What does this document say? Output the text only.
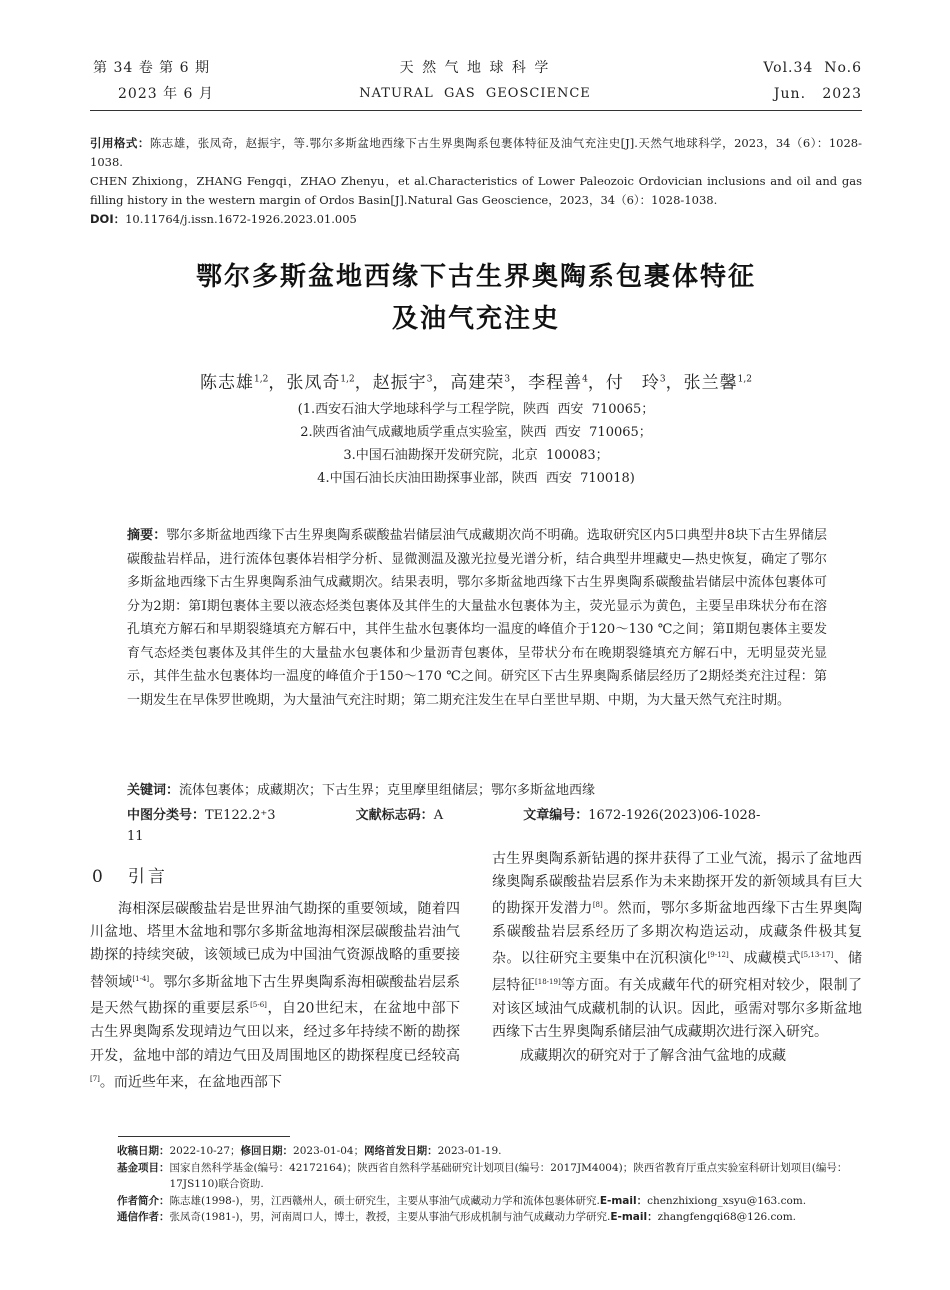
第 34 卷 第 6 期
2023 年 6 月
天 然 气 地 球 科 学
NATURAL  GAS  GEOSCIENCE
Vol.34  No.6
Jun.   2023
引用格式：陈志雄，张凤奇，赵振宇，等.鄂尔多斯盆地西缘下古生界奥陶系包裹体特征及油气充注史[J].天然气地球科学，2023，34（6）：1028-1038.
CHEN Zhixiong，ZHANG Fengqi，ZHAO Zhenyu，et al.Characteristics of Lower Paleozoic Ordovician inclusions and oil and gas filling history in the western margin of Ordos Basin[J].Natural Gas Geoscience，2023，34（6）：1028-1038.
DOI：10.11764/j.issn.1672-1926.2023.01.005
鄂尔多斯盆地西缘下古生界奥陶系包裹体特征
及油气充注史
陈志雄$^{1,2}$，张凤奇$^{1,2}$，赵振宇$^3$，高建荣$^3$，李程善$^4$，付　玲$^3$，张兰馨$^{1,2}$
(1.西安石油大学地球科学与工程学院，陕西  西安  710065；
2.陕西省油气成藏地质学重点实验室，陕西  西安  710065；
3.中国石油勘探开发研究院，北京  100083；
4.中国石油长庆油田勘探事业部，陕西  西安  710018)
摘要：鄂尔多斯盆地西缘下古生界奥陶系碳酸盐岩储层油气成藏期次尚不明确。选取研究区内5口典型井8块下古生界储层碳酸盐岩样品，进行流体包裹体岩相学分析、显微测温及激光拉曼光谱分析，结合典型井埋藏史—热史恢复，确定了鄂尔多斯盆地西缘下古生界奥陶系油气成藏期次。结果表明，鄂尔多斯盆地西缘下古生界奥陶系碳酸盐岩储层中流体包裹体可分为2期：第Ⅰ期包裹体主要以液态烃类包裹体及其伴生的大量盐水包裹体为主，荧光显示为黄色，主要呈串珠状分布在溶孔填充方解石和早期裂缝填充方解石中，其伴生盐水包裹体均一温度的峰值介于120～130 ℃之间；第Ⅱ期包裹体主要发育气态烃类包裹体及其伴生的大量盐水包裹体和少量沥青包裹体，呈带状分布在晚期裂缝填充方解石中，无明显荧光显示，其伴生盐水包裹体均一温度的峰值介于150～170 ℃之间。研究区下古生界奥陶系储层经历了2期烃类充注过程：第一期发生在早侏罗世晚期，为大量油气充注时期；第二期充注发生在早白垩世早期、中期，为大量天然气充注时期。
关键词：流体包裹体；成藏期次；下古生界；克里摩里组储层；鄂尔多斯盆地西缘
中图分类号：TE122.2⁺3	文献标志码：A	文章编号：1672-1926(2023)06-1028-11
0 引言

海相深层碳酸盐岩是世界油气勘探的重要领域，随着四川盆地、塔里木盆地和鄂尔多斯盆地海相深层碳酸盐岩油气勘探的持续突破，该领域已成为中国油气资源战略的重要接替领域[1-4]。鄂尔多斯盆地下古生界奥陶系海相碳酸盐岩层系是天然气勘探的重要层系[5-6]，自20世纪末，在盆地中部下古生界奥陶系发现靖边气田以来，经过多年持续不断的勘探开发，盆地中部的靖边气田及周围地区的勘探程度已经较高[7]。而近些年来，在盆地西部下

古生界奥陶系新钻遇的探井获得了工业气流，揭示了盆地西缘奥陶系碳酸盐岩层系作为未来勘探开发的新领域具有巨大的勘探开发潜力[8]。然而，鄂尔多斯盆地西缘下古生界奥陶系碳酸盐岩层系经历了多期次构造运动，成藏条件极其复杂。以往研究主要集中在沉积演化[9-12]、成藏模式[5,13-17]、储层特征[18-19]等方面。有关成藏年代的研究相对较少，限制了对该区域油气成藏机制的认识。因此，亟需对鄂尔多斯盆地西缘下古生界奥陶系储层油气成藏期次进行深入研究。

成藏期次的研究对于了解含油气盆地的成藏

收稿日期：2022-10-27；修回日期：2023-01-04；网络首发日期：2023-01-19.
基金项目： 国家自然科学基金(编号：42172164)；陕西省自然科学基础研究计划项目(编号：2017JM4004)；陕西省教育厅重点实验室科研计划项目(编号：17JS110)联合资助.
作者简介：陈志雄(1998-)，男，江西赣州人，硕士研究生，主要从事油气成藏动力学和流体包裹体研究.E-mail：chenzhixiong_xsyu@163.com.
通信作者：张凤奇(1981-)，男，河南周口人，博士，教授，主要从事油气形成机制与油气成藏动力学研究.E-mail：zhangfengqi68@126.com.
